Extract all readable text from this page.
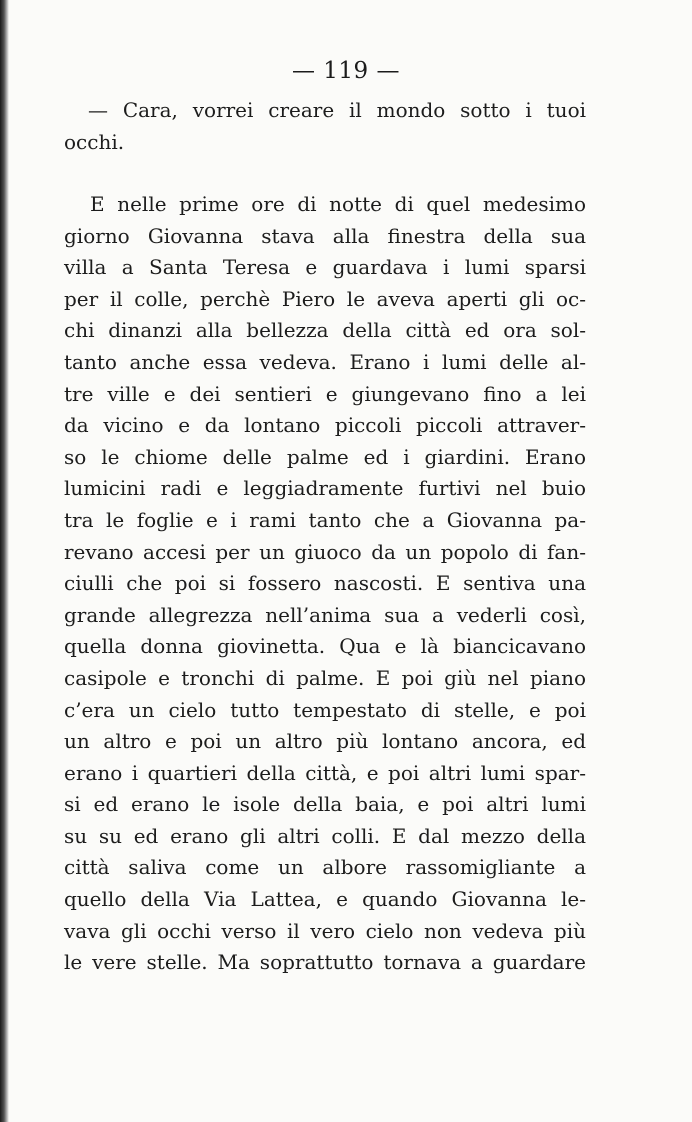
— 119 —
— Cara, vorrei creare il mondo sotto i tuoi
occhi.
E nelle prime ore di notte di quel medesimo
giorno Giovanna stava alla finestra della sua
villa a Santa Teresa e guardava i lumi sparsi
per il colle, perchè Piero le aveva aperti gli oc-
chi dinanzi alla bellezza della città ed ora sol-
tanto anche essa vedeva. Erano i lumi delle al-
tre ville e dei sentieri e giungevano fino a lei
da vicino e da lontano piccoli piccoli attraver-
so le chiome delle palme ed i giardini. Erano
lumicini radi e leggiadramente furtivi nel buio
tra le foglie e i rami tanto che a Giovanna pa-
revano accesi per un giuoco da un popolo di fan-
ciulli che poi si fossero nascosti. E sentiva una
grande allegrezza nell’anima sua a vederli così,
quella donna giovinetta. Qua e là biancicavano
casipole e tronchi di palme. E poi giù nel piano
c’era un cielo tutto tempestato di stelle, e poi
un altro e poi un altro più lontano ancora, ed
erano i quartieri della città, e poi altri lumi spar-
si ed erano le isole della baia, e poi altri lumi
su su ed erano gli altri colli. E dal mezzo della
città saliva come un albore rassomigliante a
quello della Via Lattea, e quando Giovanna le-
vava gli occhi verso il vero cielo non vedeva più
le vere stelle. Ma soprattutto tornava a guardare
